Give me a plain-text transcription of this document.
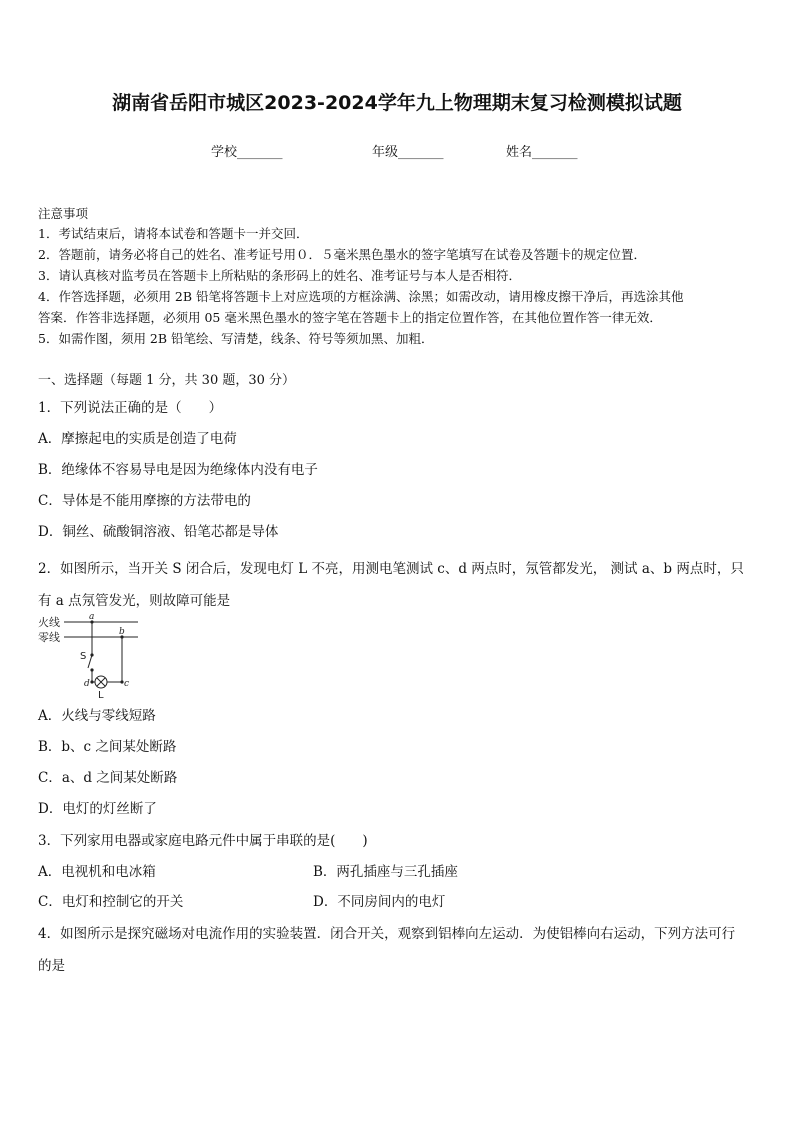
湖南省岳阳市城区2023-2024学年九上物理期末复习检测模拟试题
学校_______	年级_______	姓名_______
注意事项
1．考试结束后，请将本试卷和答题卡一并交回．
2．答题前，请务必将自己的姓名、准考证号用０．５毫米黑色墨水的签字笔填写在试卷及答题卡的规定位置．
3．请认真核对监考员在答题卡上所粘贴的条形码上的姓名、准考证号与本人是否相符．
4．作答选择题，必须用 2B 铅笔将答题卡上对应选项的方框涂满、涂黑；如需改动，请用橡皮擦干净后，再选涂其他
答案．作答非选择题，必须用 05 毫米黑色墨水的签字笔在答题卡上的指定位置作答，在其他位置作答一律无效．
5．如需作图，须用 2B 铅笔绘、写清楚，线条、符号等须加黑、加粗．
一、选择题（每题 1 分，共 30 题，30 分）
1．下列说法正确的是（　　）
A．摩擦起电的实质是创造了电荷
B．绝缘体不容易导电是因为绝缘体内没有电子
C．导体是不能用摩擦的方法带电的
D．铜丝、硫酸铜溶液、铅笔芯都是导体
2．如图所示，当开关 S 闭合后，发现电灯 L 不亮，用测电笔测试 c、d 两点时，氖管都发光， 测试 a、b 两点时，只
有 a 点氖管发光，则故障可能是
火线
零线
a
b
c
d
S
L
A．火线与零线短路
B．b、c 之间某处断路
C．a、d 之间某处断路
D．电灯的灯丝断了
3．下列家用电器或家庭电路元件中属于串联的是(　　)
A．电视机和电冰箱	B．两孔插座与三孔插座
C．电灯和控制它的开关	D．不同房间内的电灯
4．如图所示是探究磁场对电流作用的实验装置．闭合开关，观察到铝棒向左运动．为使铝棒向右运动，下列方法可行
的是
